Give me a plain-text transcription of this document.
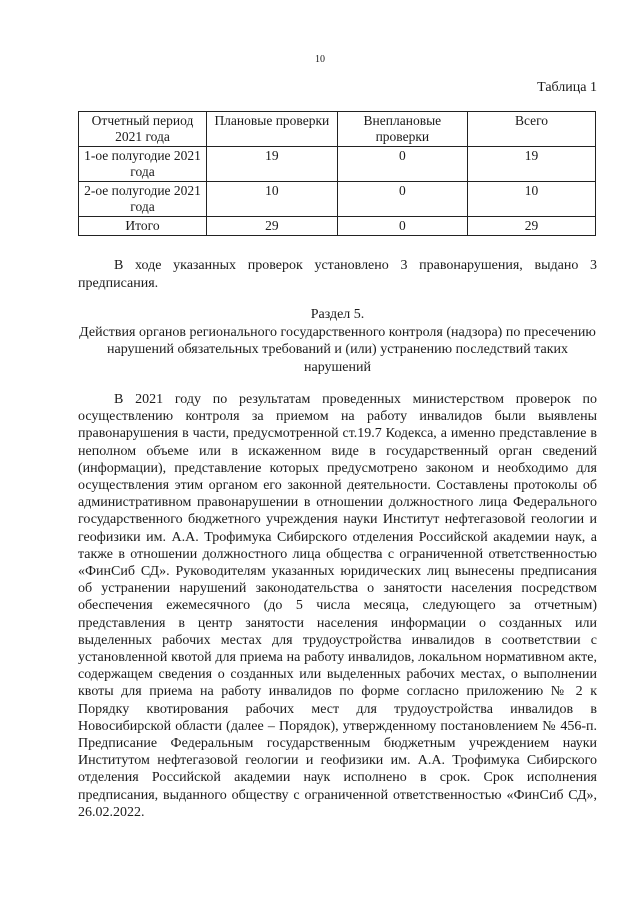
10
Таблица 1
Отчетный период 2021 года	Плановые проверки	Внеплановые проверки	Всего
1-ое полугодие 2021 года	19	0	19
2-ое полугодие 2021 года	10	0	10
Итого	29	0	29
В ходе указанных проверок установлено 3 правонарушения, выдано 3 предписания.
Раздел 5.
Действия органов регионального государственного контроля (надзора) по пресечению нарушений обязательных требований и (или) устранению последствий таких нарушений
В 2021 году по результатам проведенных министерством проверок по осуществлению контроля за приемом на работу инвалидов были выявлены правонарушения в части, предусмотренной ст.19.7 Кодекса, а именно представление в неполном объеме или в искаженном виде в государственный орган сведений (информации), представление которых предусмотрено законом и необходимо для осуществления этим органом его законной деятельности. Составлены протоколы об административном правонарушении в отношении должностного лица Федерального государственного бюджетного учреждения науки Институт нефтегазовой геологии и геофизики им. А.А. Трофимука Сибирского отделения Российской академии наук, а также в отношении должностного лица общества с ограниченной ответственностью «ФинСиб СД». Руководителям указанных юридических лиц вынесены предписания об устранении нарушений законодательства о занятости населения посредством обеспечения ежемесячного (до 5 числа месяца, следующего за отчетным) представления в центр занятости населения информации о созданных или выделенных рабочих местах для трудоустройства инвалидов в соответствии с установленной квотой для приема на работу инвалидов, локальном нормативном акте, содержащем сведения о созданных или выделенных рабочих местах, о выполнении квоты для приема на работу инвалидов по форме согласно приложению № 2 к Порядку квотирования рабочих мест для трудоустройства инвалидов в Новосибирской области (далее – Порядок), утвержденному постановлением № 456-п. Предписание Федеральным государственным бюджетным учреждением науки Институтом нефтегазовой геологии и геофизики им. А.А. Трофимука Сибирского отделения Российской академии наук исполнено в срок. Срок исполнения предписания, выданного обществу с ограниченной ответственностью «ФинСиб СД», 26.02.2022.
